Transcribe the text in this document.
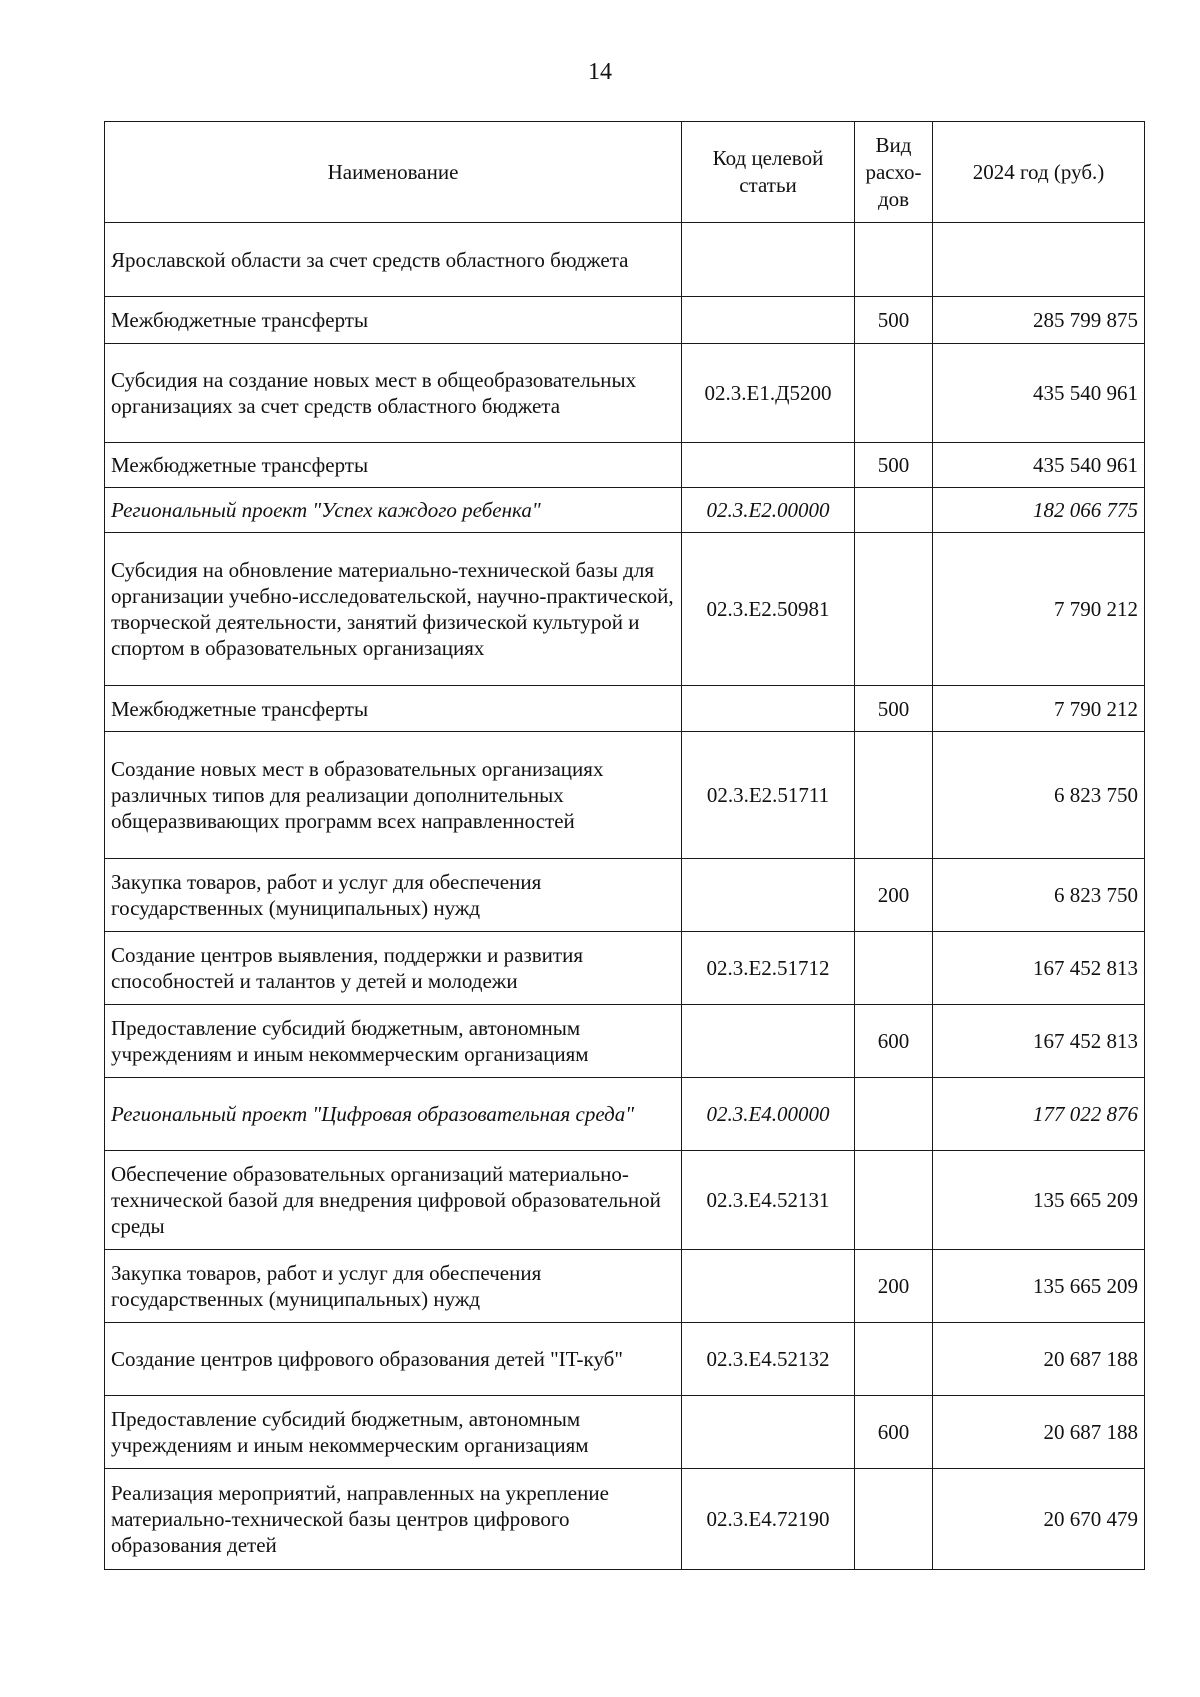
14
Наименование	Код целевой статьи	Вид расхо-дов	2024 год (руб.)
Ярославской области за счет средств областного бюджета			
Межбюджетные трансферты		500	285 799 875
Субсидия на создание новых мест в общеобразовательных организациях за счет средств областного бюджета	02.3.E1.Д5200		435 540 961
Межбюджетные трансферты		500	435 540 961
Региональный проект "Успех каждого ребенка"	02.3.E2.00000		182 066 775
Субсидия на обновление материально-технической базы для организации учебно-исследовательской, научно-практической, творческой деятельности, занятий физической культурой и спортом в образовательных организациях	02.3.E2.50981		7 790 212
Межбюджетные трансферты		500	7 790 212
Создание новых мест в образовательных организациях различных типов для реализации дополнительных общеразвивающих программ всех направленностей	02.3.E2.51711		6 823 750
Закупка товаров, работ и услуг для обеспечения государственных (муниципальных) нужд		200	6 823 750
Создание центров выявления, поддержки и развития способностей и талантов у детей и молодежи	02.3.E2.51712		167 452 813
Предоставление субсидий бюджетным, автономным учреждениям и иным некоммерческим организациям		600	167 452 813
Региональный проект "Цифровая образовательная среда"	02.3.E4.00000		177 022 876
Обеспечение образовательных организаций материально-технической базой для внедрения цифровой образовательной среды	02.3.E4.52131		135 665 209
Закупка товаров, работ и услуг для обеспечения государственных (муниципальных) нужд		200	135 665 209
Создание центров цифрового образования детей "IT-куб"	02.3.E4.52132		20 687 188
Предоставление субсидий бюджетным, автономным учреждениям и иным некоммерческим организациям		600	20 687 188
Реализация мероприятий, направленных на укрепление материально-технической базы центров цифрового образования детей	02.3.E4.72190		20 670 479
